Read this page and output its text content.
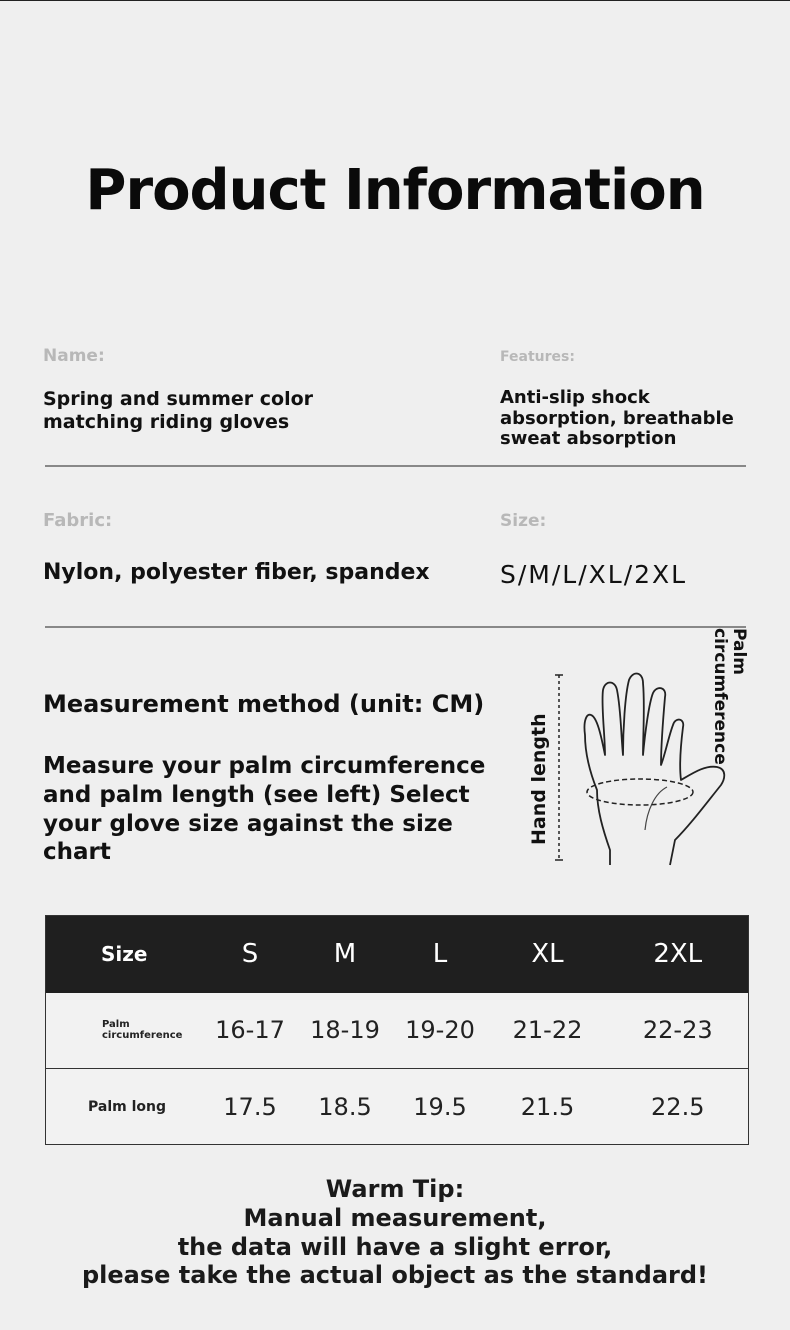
Product Information
Name:
Spring and summer color matching riding gloves
Features:
Anti-slip shock absorption, breathable sweat absorption
Fabric:
Nylon, polyester fiber, spandex
Size:
S/M/L/XL/2XL
Measurement method (unit: CM)
Measure your palm circumference and palm length (see left) Select your glove size against the size chart
Hand length
Palm circumference
Size	S	M	L	XL	2XL
Palm circumference	16-17	18-19	19-20	21-22	22-23
Palm long	17.5	18.5	19.5	21.5	22.5
Warm Tip:
Manual measurement,
the data will have a slight error,
please take the actual object as the standard!
